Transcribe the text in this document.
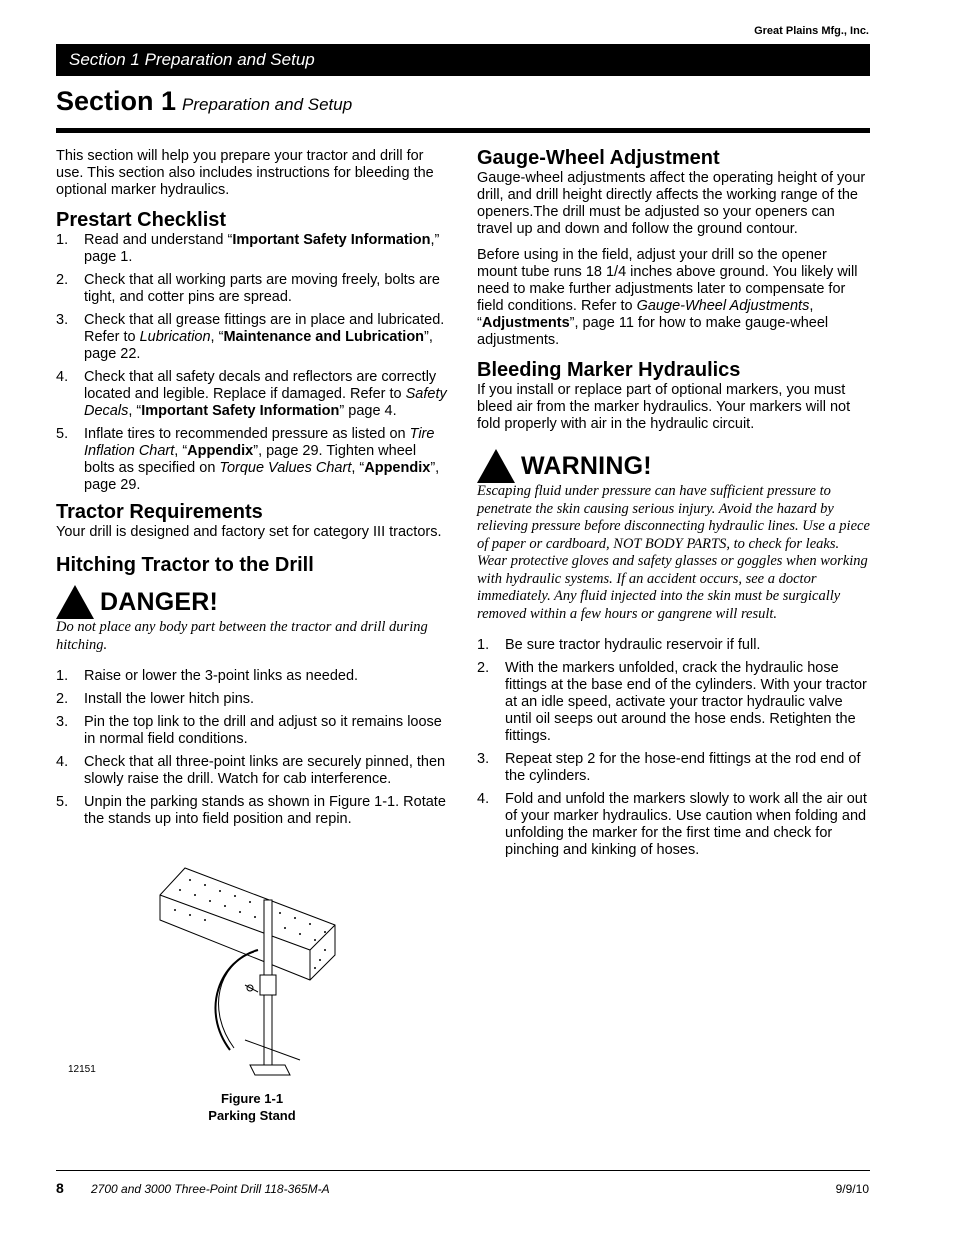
Great Plains Mfg., Inc.
Section 1 Preparation and Setup
Section 1 Preparation and Setup

This section will help you prepare your tractor and drill for use. This section also includes instructions for bleeding the optional marker hydraulics.

Prestart Checklist
1. Read and understand “Important Safety Information,” page 1.
2. Check that all working parts are moving freely, bolts are tight, and cotter pins are spread.
3. Check that all grease fittings are in place and lubricated. Refer to Lubrication, “Maintenance and Lubrication”, page 22.
4. Check that all safety decals and reflectors are correctly located and legible. Replace if damaged. Refer to Safety Decals, “Important Safety Information” page 4.
5. Inflate tires to recommended pressure as listed on Tire Inflation Chart, “Appendix”, page 29. Tighten wheel bolts as specified on Torque Values Chart, “Appendix”, page 29.
Tractor Requirements

Your drill is designed and factory set for category III tractors.

Hitching Tractor to the Drill
DANGER!
Do not place any body part between the tractor and drill during hitching.
1. Raise or lower the 3-point links as needed.
2. Install the lower hitch pins.
3. Pin the top link to the drill and adjust so it remains loose in normal field conditions.
4. Check that all three-point links are securely pinned, then slowly raise the drill. Watch for cab interference.
5. Unpin the parking stands as shown in Figure 1-1. Rotate the stands up into field position and repin.
12151
Figure 1-1
Parking Stand
Gauge-Wheel Adjustment

Gauge-wheel adjustments affect the operating height of your drill, and drill height directly affects the working range of the openers.The drill must be adjusted so your openers can travel up and down and follow the ground contour.

Before using in the field, adjust your drill so the opener mount tube runs 18 1/4 inches above ground. You likely will need to make further adjustments later to compensate for field conditions. Refer to Gauge-Wheel Adjustments, “Adjustments”, page 11 for how to make gauge-wheel adjustments.

Bleeding Marker Hydraulics

If you install or replace part of optional markers, you must bleed air from the marker hydraulics. Your markers will not fold properly with air in the hydraulic circuit.

WARNING!
Escaping fluid under pressure can have sufficient pressure to penetrate the skin causing serious injury. Avoid the hazard by relieving pressure before disconnecting hydraulic lines. Use a piece of paper or cardboard, NOT BODY PARTS, to check for leaks. Wear protective gloves and safety glasses or goggles when working with hydraulic systems. If an accident occurs, see a doctor immediately. Any fluid injected into the skin must be surgically removed within a few hours or gangrene will result.
1. Be sure tractor hydraulic reservoir if full.
2. With the markers unfolded, crack the hydraulic hose fittings at the base end of the cylinders. With your tractor at an idle speed, activate your tractor hydraulic valve until oil seeps out around the hose ends. Retighten the fittings.
3. Repeat step 2 for the hose-end fittings at the rod end of the cylinders.
4. Fold and unfold the markers slowly to work all the air out of your marker hydraulics. Use caution when folding and unfolding the marker for the first time and check for pinching and kinking of hoses.
8 2700 and 3000 Three-Point Drill 118-365M-A	9/9/10
